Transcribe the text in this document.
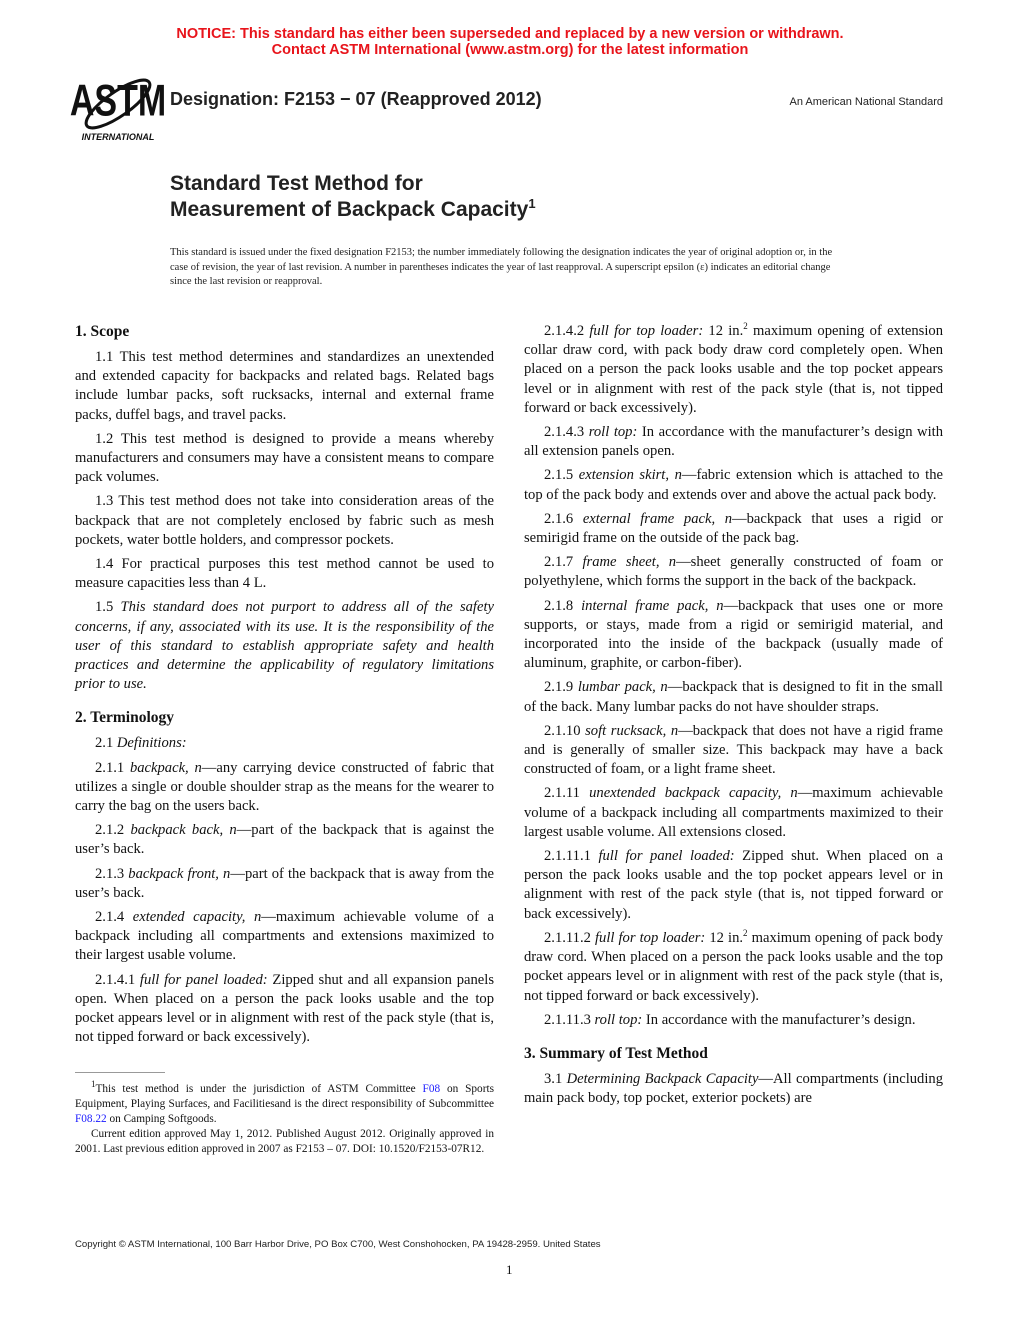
NOTICE: This standard has either been superseded and replaced by a new version or withdrawn.
Contact ASTM International (www.astm.org) for the latest information
ASTM
INTERNATIONAL
Designation: F2153 − 07 (Reapproved 2012)	An American National Standard
Standard Test Method for
Measurement of Backpack Capacity$^1$
This standard is issued under the fixed designation F2153; the number immediately following the designation indicates the year of original adoption or, in the case of revision, the year of last revision. A number in parentheses indicates the year of last reapproval. A superscript epsilon (ε) indicates an editorial change since the last revision or reapproval.
1. Scope

1.1 This test method determines and standardizes an unextended and extended capacity for backpacks and related bags. Related bags include lumbar packs, soft rucksacks, internal and external frame packs, duffel bags, and travel packs.

1.2 This test method is designed to provide a means whereby manufacturers and consumers may have a consistent means to compare pack volumes.

1.3 This test method does not take into consideration areas of the backpack that are not completely enclosed by fabric such as mesh pockets, water bottle holders, and compressor pockets.

1.4 For practical purposes this test method cannot be used to measure capacities less than 4 L.

1.5 This standard does not purport to address all of the safety concerns, if any, associated with its use. It is the responsibility of the user of this standard to establish appropriate safety and health practices and determine the applicability of regulatory limitations prior to use.

2. Terminology

2.1 Definitions:

2.1.1 backpack, n—any carrying device constructed of fabric that utilizes a single or double shoulder strap as the means for the wearer to carry the bag on the users back.

2.1.2 backpack back, n—part of the backpack that is against the user’s back.

2.1.3 backpack front, n—part of the backpack that is away from the user’s back.

2.1.4 extended capacity, n—maximum achievable volume of a backpack including all compartments and extensions maximized to their largest usable volume.

2.1.4.1 full for panel loaded: Zipped shut and all expansion panels open. When placed on a person the pack looks usable and the top pocket appears level or in alignment with rest of the pack style (that is, not tipped forward or back excessively).

2.1.4.2 full for top loader: 12 in.$^2$ maximum opening of extension collar draw cord, with pack body draw cord completely open. When placed on a person the pack looks usable and the top pocket appears level or in alignment with rest of the pack style (that is, not tipped forward or back excessively).

2.1.4.3 roll top: In accordance with the manufacturer’s design with all extension panels open.

2.1.5 extension skirt, n—fabric extension which is attached to the top of the pack body and extends over and above the actual pack body.

2.1.6 external frame pack, n—backpack that uses a rigid or semirigid frame on the outside of the pack bag.

2.1.7 frame sheet, n—sheet generally constructed of foam or polyethylene, which forms the support in the back of the backpack.

2.1.8 internal frame pack, n—backpack that uses one or more supports, or stays, made from a rigid or semirigid material, and incorporated into the inside of the backpack (usually made of aluminum, graphite, or carbon-fiber).

2.1.9 lumbar pack, n—backpack that is designed to fit in the small of the back. Many lumbar packs do not have shoulder straps.

2.1.10 soft rucksack, n—backpack that does not have a rigid frame and is generally of smaller size. This backpack may have a back constructed of foam, or a light frame sheet.

2.1.11 unextended backpack capacity, n—maximum achievable volume of a backpack including all compartments maximized to their largest usable volume. All extensions closed.

2.1.11.1 full for panel loaded: Zipped shut. When placed on a person the pack looks usable and the top pocket appears level or in alignment with rest of the pack style (that is, not tipped forward or back excessively).

2.1.11.2 full for top loader: 12 in.$^2$ maximum opening of pack body draw cord. When placed on a person the pack looks usable and the top pocket appears level or in alignment with rest of the pack style (that is, not tipped forward or back excessively).

2.1.11.3 roll top: In accordance with the manufacturer’s design.

3. Summary of Test Method

3.1 Determining Backpack Capacity—All compartments (including main pack body, top pocket, exterior pockets) are

$^1$This test method is under the jurisdiction of ASTM Committee F08 on Sports Equipment, Playing Surfaces, and Facilitiesand is the direct responsibility of Subcommittee F08.22 on Camping Softgoods.

Current edition approved May 1, 2012. Published August 2012. Originally approved in 2001. Last previous edition approved in 2007 as F2153 – 07. DOI: 10.1520/F2153-07R12.

Copyright © ASTM International, 100 Barr Harbor Drive, PO Box C700, West Conshohocken, PA 19428-2959. United States
1
